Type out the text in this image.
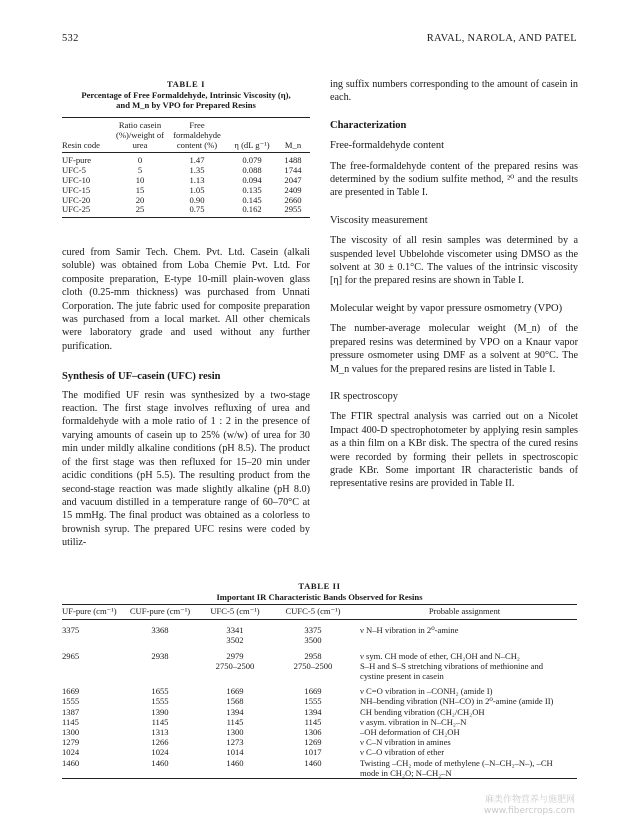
532	RAVAL, NAROLA, AND PATEL
TABLE I
Percentage of Free Formaldehyde, Intrinsic Viscosity (η),
and M_n by VPO for Prepared Resins
Resin code	Ratio casein (%)/weight of urea	Free formaldehyde content (%)	η (dL g⁻¹)	M_n
UF-pure	0	1.47	0.079	1488
UFC-5	5	1.35	0.088	1744
UFC-10	10	1.13	0.094	2047
UFC-15	15	1.05	0.135	2409
UFC-20	20	0.90	0.145	2660
UFC-25	25	0.75	0.162	2955

cured from Samir Tech. Chem. Pvt. Ltd. Casein (alkali soluble) was obtained from Loba Chemie Pvt. Ltd. For composite preparation, E-type 10-mill plain-woven glass cloth (0.25-mm thickness) was purchased from Unnati Corporation. The jute fabric used for composite preparation was purchased from a local market. All other chemicals were laboratory grade and used without any further purification.

Synthesis of UF–casein (UFC) resin

The modified UF resin was synthesized by a two-stage reaction. The first stage involves refluxing of urea and formaldehyde with a mole ratio of 1 : 2 in the presence of varying amounts of casein up to 25% (w/w) of urea for 30 min under mildly alkaline conditions (pH 8.5). The product of the first stage was then refluxed for 15–20 min under acidic conditions (pH 5.5). The resulting product from the second-stage reaction was made slightly alkaline (pH 8.0) and vacuum distilled in a temperature range of 60–70°C at 15 mmHg. The final product was obtained as a colorless to brownish syrup. The prepared UFC resins were coded by utiliz-

ing suffix numbers corresponding to the amount of casein in each.

Characterization

Free-formaldehyde content

The free-formaldehyde content of the prepared resins was determined by the sodium sulfite method, ²⁰ and the results are presented in Table I.

Viscosity measurement

The viscosity of all resin samples was determined by a suspended level Ubbelohde viscometer using DMSO as the solvent at 30 ± 0.1°C. The values of the intrinsic viscosity [η] for the prepared resins are shown in Table I.

Molecular weight by vapor pressure osmometry (VPO)

The number-average molecular weight (M_n) of the prepared resins was determined by VPO on a Knaur vapor pressure osmometer using DMF as a solvent at 90°C. The M_n values for the prepared resins are listed in Table I.

IR spectroscopy

The FTIR spectral analysis was carried out on a Nicolet Impact 400-D spectrophotometer by applying resin samples as a thin film on a KBr disk. The spectra of the cured resins were recorded by forming their pellets in spectroscopic grade KBr. Some important IR characteristic bands of representative resins are provided in Table II.

TABLE II
Important IR Characteristic Bands Observed for Resins
UF-pure (cm⁻¹)	CUF-pure (cm⁻¹)	UFC-5 (cm⁻¹)	CUFC-5 (cm⁻¹)	Probable assignment
3375	3368	3341	3375	ν N–H vibration in 2⁰-amine
		3502	3500	
2965	2938	2979	2958	ν sym. CH mode of ether, CH₂OH and N–CH₂
		2750–2500	2750–2500	S–H and S–S stretching vibrations of methionine and
				cystine present in casein
1669	1655	1669	1669	ν C=O vibration in –CONH₂ (amide I)
1555	1555	1568	1555	NH–bending vibration (NH–CO) in 2⁰-amine (amide II)
1387	1390	1394	1394	CH bending vibration (CH₂/CH₂OH
1145	1145	1145	1145	ν asym. vibration in N–CH₂–N
1300	1313	1300	1306	–OH deformation of CH₂OH
1279	1266	1273	1269	ν C–N vibration in amines
1024	1024	1014	1017	ν C–O vibration of ether
1460	1460	1460	1460	Twisting –CH₂ mode of methylene (–N–CH₂–N–), –CH
				mode in CH₂O; N–CH₂–N
麻类作物营养与施肥网
www.fibercrops.com
